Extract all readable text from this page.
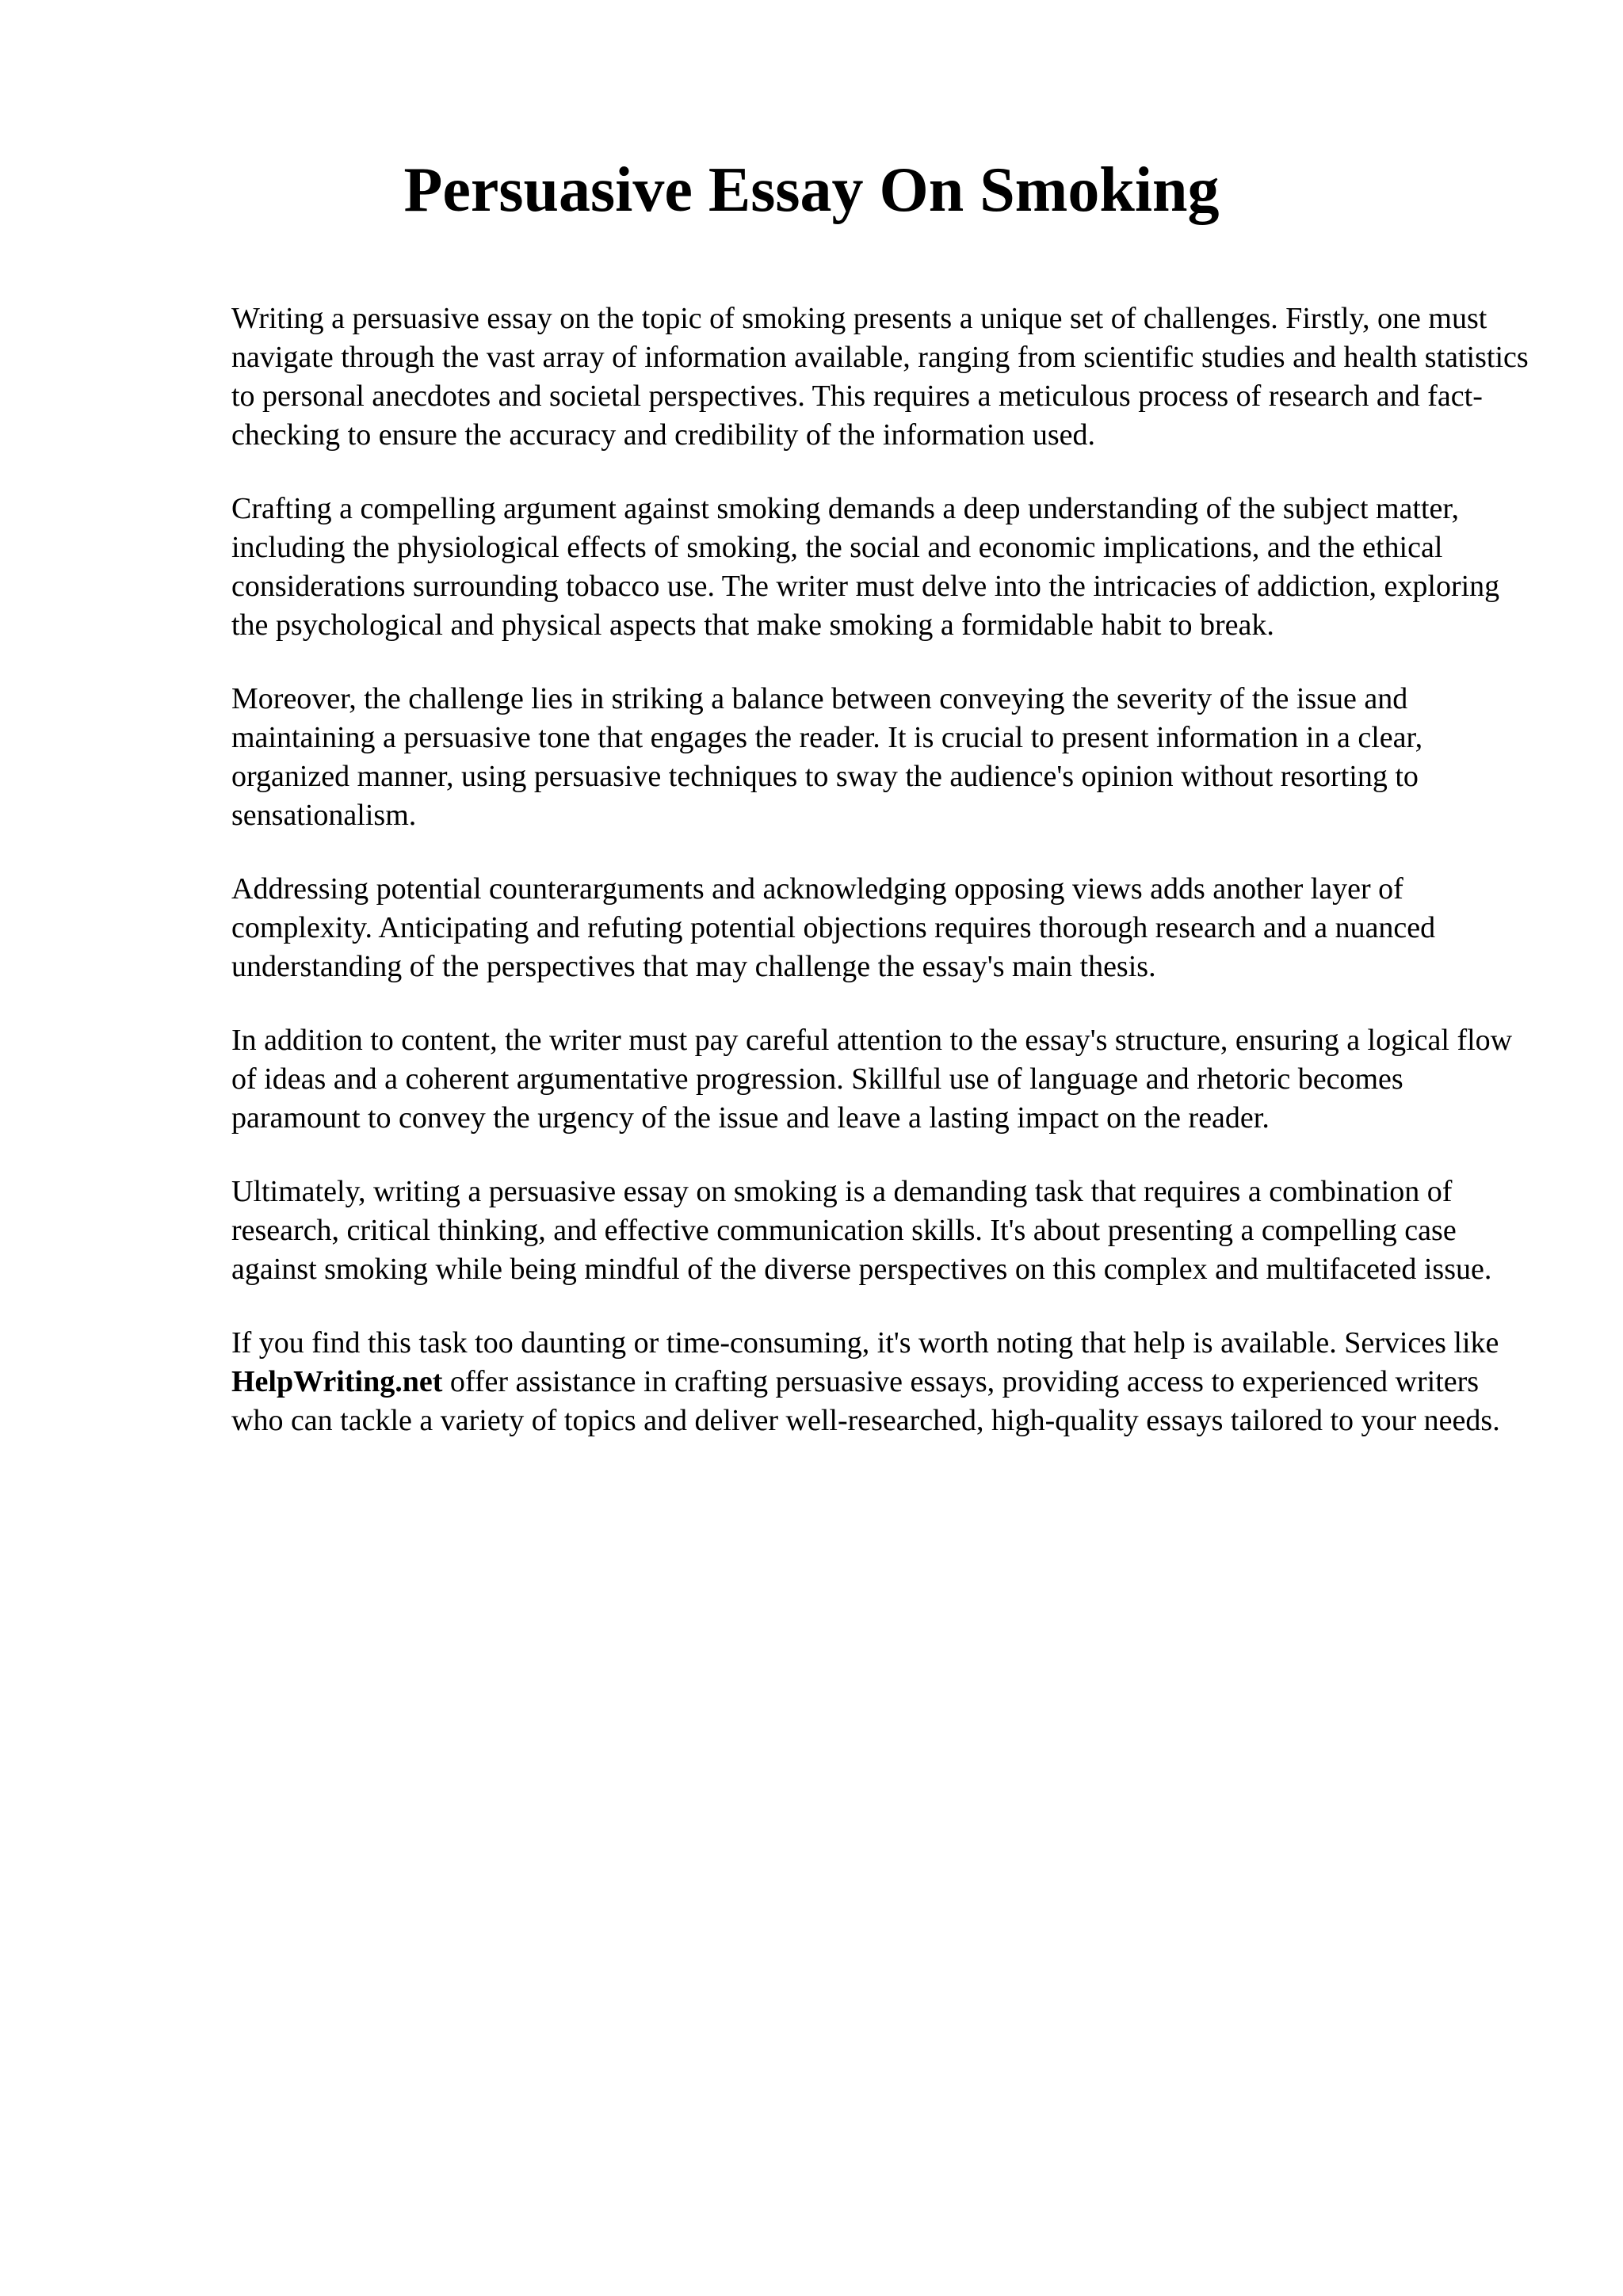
Persuasive Essay On Smoking

Writing a persuasive essay on the topic of smoking presents a unique set of challenges. Firstly, one must navigate through the vast array of information available, ranging from scientific studies and health statistics to personal anecdotes and societal perspectives. This requires a meticulous process of research and fact-checking to ensure the accuracy and credibility of the information used.

Crafting a compelling argument against smoking demands a deep understanding of the subject matter, including the physiological effects of smoking, the social and economic implications, and the ethical considerations surrounding tobacco use. The writer must delve into the intricacies of addiction, exploring the psychological and physical aspects that make smoking a formidable habit to break.

Moreover, the challenge lies in striking a balance between conveying the severity of the issue and maintaining a persuasive tone that engages the reader. It is crucial to present information in a clear, organized manner, using persuasive techniques to sway the audience's opinion without resorting to sensationalism.

Addressing potential counterarguments and acknowledging opposing views adds another layer of complexity. Anticipating and refuting potential objections requires thorough research and a nuanced understanding of the perspectives that may challenge the essay's main thesis.

In addition to content, the writer must pay careful attention to the essay's structure, ensuring a logical flow of ideas and a coherent argumentative progression. Skillful use of language and rhetoric becomes paramount to convey the urgency of the issue and leave a lasting impact on the reader.

Ultimately, writing a persuasive essay on smoking is a demanding task that requires a combination of research, critical thinking, and effective communication skills. It's about presenting a compelling case against smoking while being mindful of the diverse perspectives on this complex and multifaceted issue.

If you find this task too daunting or time-consuming, it's worth noting that help is available. Services like HelpWriting.net offer assistance in crafting persuasive essays, providing access to experienced writers who can tackle a variety of topics and deliver well-researched, high-quality essays tailored to your needs.
